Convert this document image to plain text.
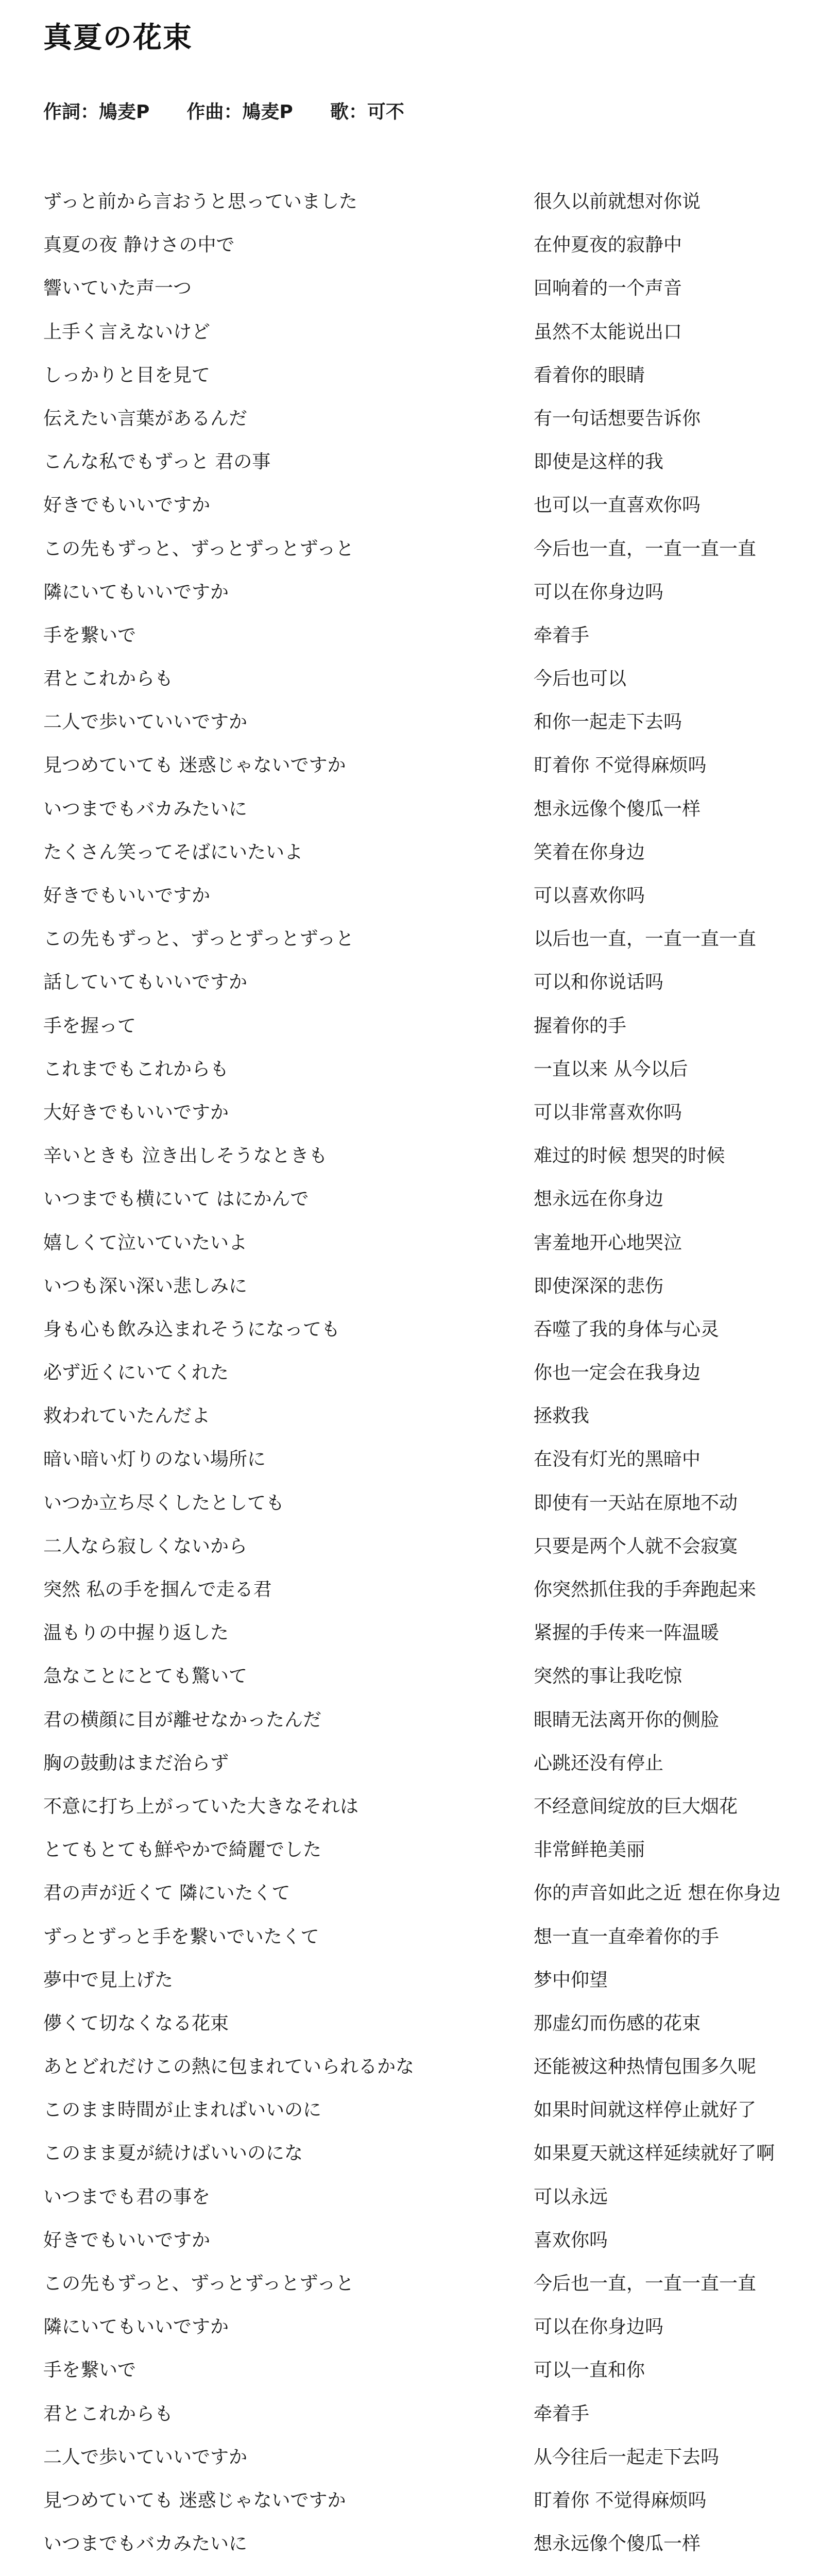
真夏の花束
作詞：鳩麦P 作曲：鳩麦P 歌：可不
ずっと前から言おうと思っていました	很久以前就想对你说
真夏の夜 静けさの中で	在仲夏夜的寂静中
響いていた声一つ	回响着的一个声音
上手く言えないけど	虽然不太能说出口
しっかりと目を見て	看着你的眼睛
伝えたい言葉があるんだ	有一句话想要告诉你
こんな私でもずっと 君の事	即使是这样的我
好きでもいいですか	也可以一直喜欢你吗
この先もずっと、ずっとずっとずっと	今后也一直，一直一直一直
隣にいてもいいですか	可以在你身边吗
手を繋いで	牵着手
君とこれからも	今后也可以
二人で歩いていいですか	和你一起走下去吗
見つめていても 迷惑じゃないですか	盯着你 不觉得麻烦吗
いつまでもバカみたいに	想永远像个傻瓜一样
たくさん笑ってそばにいたいよ	笑着在你身边
好きでもいいですか	可以喜欢你吗
この先もずっと、ずっとずっとずっと	以后也一直，一直一直一直
話していてもいいですか	可以和你说话吗
手を握って	握着你的手
これまでもこれからも	一直以来 从今以后
大好きでもいいですか	可以非常喜欢你吗
辛いときも 泣き出しそうなときも	难过的时候 想哭的时候
いつまでも横にいて はにかんで	想永远在你身边
嬉しくて泣いていたいよ	害羞地开心地哭泣
いつも深い深い悲しみに	即使深深的悲伤
身も心も飲み込まれそうになっても	吞噬了我的身体与心灵
必ず近くにいてくれた	你也一定会在我身边
救われていたんだよ	拯救我
暗い暗い灯りのない場所に	在没有灯光的黑暗中
いつか立ち尽くしたとしても	即使有一天站在原地不动
二人なら寂しくないから	只要是两个人就不会寂寞
突然 私の手を掴んで走る君	你突然抓住我的手奔跑起来
温もりの中握り返した	紧握的手传来一阵温暖
急なことにとても驚いて	突然的事让我吃惊
君の横顔に目が離せなかったんだ	眼睛无法离开你的侧脸
胸の鼓動はまだ治らず	心跳还没有停止
不意に打ち上がっていた大きなそれは	不经意间绽放的巨大烟花
とてもとても鮮やかで綺麗でした	非常鲜艳美丽
君の声が近くて 隣にいたくて	你的声音如此之近 想在你身边
ずっとずっと手を繋いでいたくて	想一直一直牵着你的手
夢中で見上げた	梦中仰望
儚くて切なくなる花束	那虚幻而伤感的花束
あとどれだけこの熱に包まれていられるかな	还能被这种热情包围多久呢
このまま時間が止まればいいのに	如果时间就这样停止就好了
このまま夏が続けばいいのにな	如果夏天就这样延续就好了啊
いつまでも君の事を	可以永远
好きでもいいですか	喜欢你吗
この先もずっと、ずっとずっとずっと	今后也一直，一直一直一直
隣にいてもいいですか	可以在你身边吗
手を繋いで	可以一直和你
君とこれからも	牵着手
二人で歩いていいですか	从今往后一起走下去吗
見つめていても 迷惑じゃないですか	盯着你 不觉得麻烦吗
いつまでもバカみたいに	想永远像个傻瓜一样
